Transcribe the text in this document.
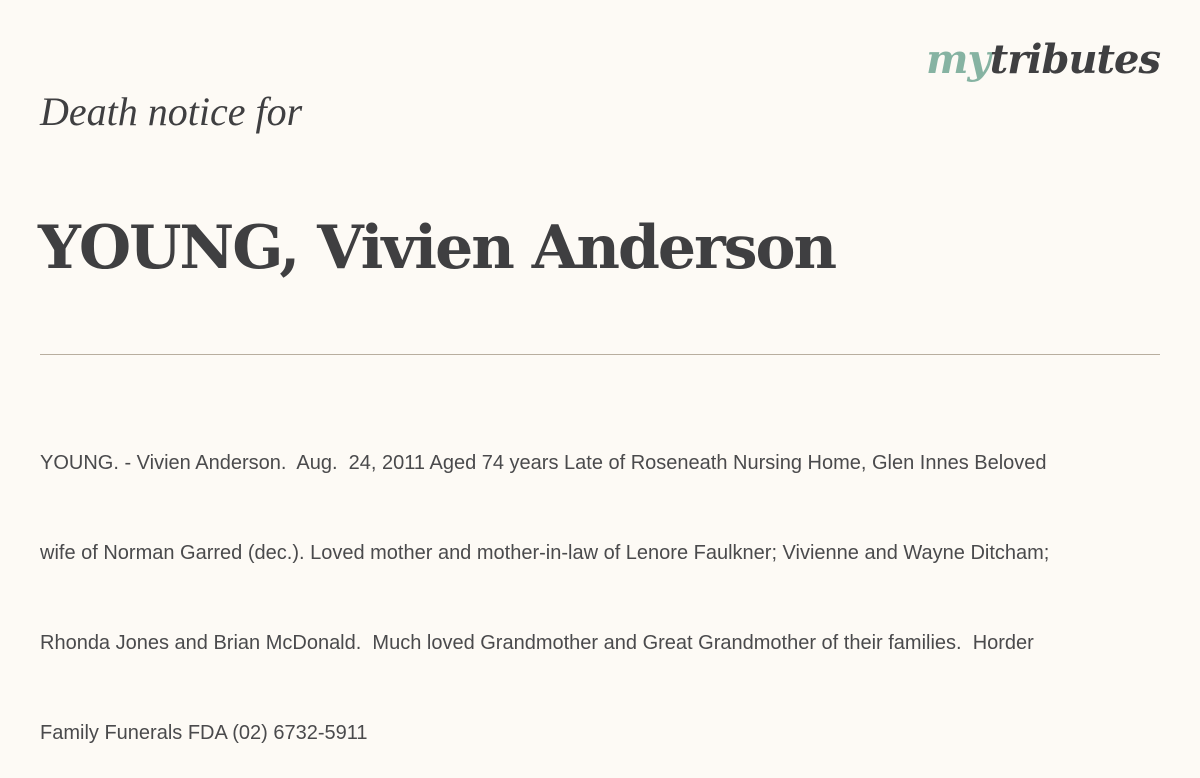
mytributes
Death notice for
YOUNG, Vivien Anderson

YOUNG. - Vivien Anderson.  Aug.  24, 2011 Aged 74 years Late of Roseneath Nursing Home, Glen Innes Beloved

wife of Norman Garred (dec.). Loved mother and mother-in-law of Lenore Faulkner; Vivienne and Wayne Ditcham;

Rhonda Jones and Brian McDonald.  Much loved Grandmother and Great Grandmother of their families.  Horder

Family Funerals FDA (02) 6732-5911
